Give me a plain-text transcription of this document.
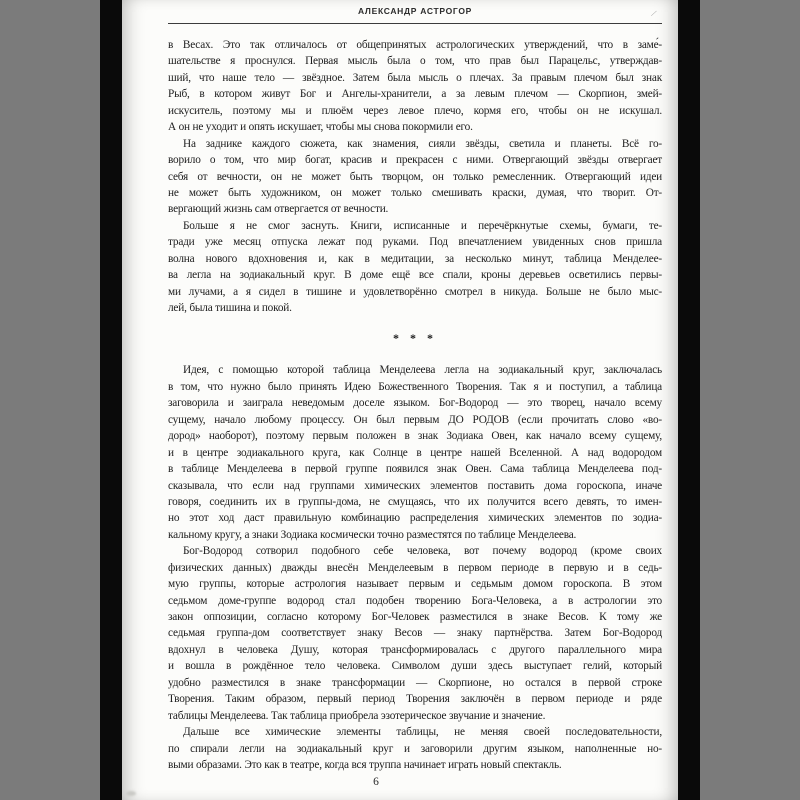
АЛЕКСАНДР АСТРОГОР	⁄
в Весах. Это так отличалось от общепринятых астрологических утверждений, что в заме́-
шательстве я проснулся. Первая мысль была о том, что прав был Парацельс, утверждав-
ший, что наше тело — звёздное. Затем была мысль о плечах. За правым плечом был знак
Рыб, в котором живут Бог и Ангелы-хранители, а за левым плечом — Скорпион, змей-
искуситель, поэтому мы и плюём через левое плечо, кормя его, чтобы он не искушал.
А он не уходит и опять искушает, чтобы мы снова покормили его.
На заднике каждого сюжета, как знамения, сияли звёзды, светила и планеты. Всё го-
ворило о том, что мир богат, красив и прекрасен с ними. Отвергающий звёзды отвергает
себя от вечности, он не может быть творцом, он только ремесленник. Отвергающий идеи
не может быть художником, он может только смешивать краски, думая, что творит. От-
вергающий жизнь сам отвергается от вечности.
Больше я не смог заснуть. Книги, исписанные и перечёркнутые схемы, бумаги, те-
тради уже месяц отпуска лежат под руками. Под впечатлением увиденных снов пришла
волна нового вдохновения и, как в медитации, за несколько минут, таблица Менделее-
ва легла на зодиакальный круг. В доме ещё все спали, кроны деревьев осветились первы-
ми лучами, а я сидел в тишине и удовлетворённо смотрел в никуда. Больше не было мыс-
лей, была тишина и покой.
* * *
Идея, с помощью которой таблица Менделеева легла на зодиакальный круг, заключалась
в том, что нужно было принять Идею Божественного Творения. Так я и поступил, а таблица
заговорила и заиграла неведомым доселе языком. Бог-Водород — это творец, начало всему
сущему, начало любому процессу. Он был первым ДО РОДОВ (если прочитать слово «во-
дород» наоборот), поэтому первым положен в знак Зодиака Овен, как начало всему сущему,
и в центре зодиакального круга, как Солнце в центре нашей Вселенной. А над водородом
в таблице Менделеева в первой группе появился знак Овен. Сама таблица Менделеева под-
сказывала, что если над группами химических элементов поставить дома гороскопа, иначе
говоря, соединить их в группы-дома, не смущаясь, что их получится всего девять, то имен-
но этот ход даст правильную комбинацию распределения химических элементов по зодиа-
кальному кругу, а знаки Зодиака космически точно разместятся по таблице Менделеева.
Бог-Водород сотворил подобного себе человека, вот почему водород (кроме своих
физических данных) дважды внесён Менделеевым в первом периоде в первую и в седь-
мую группы, которые астрология называет первым и седьмым домом гороскопа. В этом
седьмом доме-группе водород стал подобен творению Бога-Человека, а в астрологии это
закон оппозиции, согласно которому Бог-Человек разместился в знаке Весов. К тому же
седьмая группа-дом соответствует знаку Весов — знаку партнёрства. Затем Бог-Водород
вдохнул в человека Душу, которая трансформировалась с другого параллельного мира
и вошла в рождённое тело человека. Символом души здесь выступает гелий, который
удобно разместился в знаке трансформации — Скорпионе, но остался в первой строке
Творения. Таким образом, первый период Творения заключён в первом периоде и ряде
таблицы Менделеева. Так таблица приобрела эзотерическое звучание и значение.
Дальше все химические элементы таблицы, не меняя своей последовательности,
по спирали легли на зодиакальный круг и заговорили другим языком, наполненные но-
выми образами. Это как в театре, когда вся труппа начинает играть новый спектакль.
6
